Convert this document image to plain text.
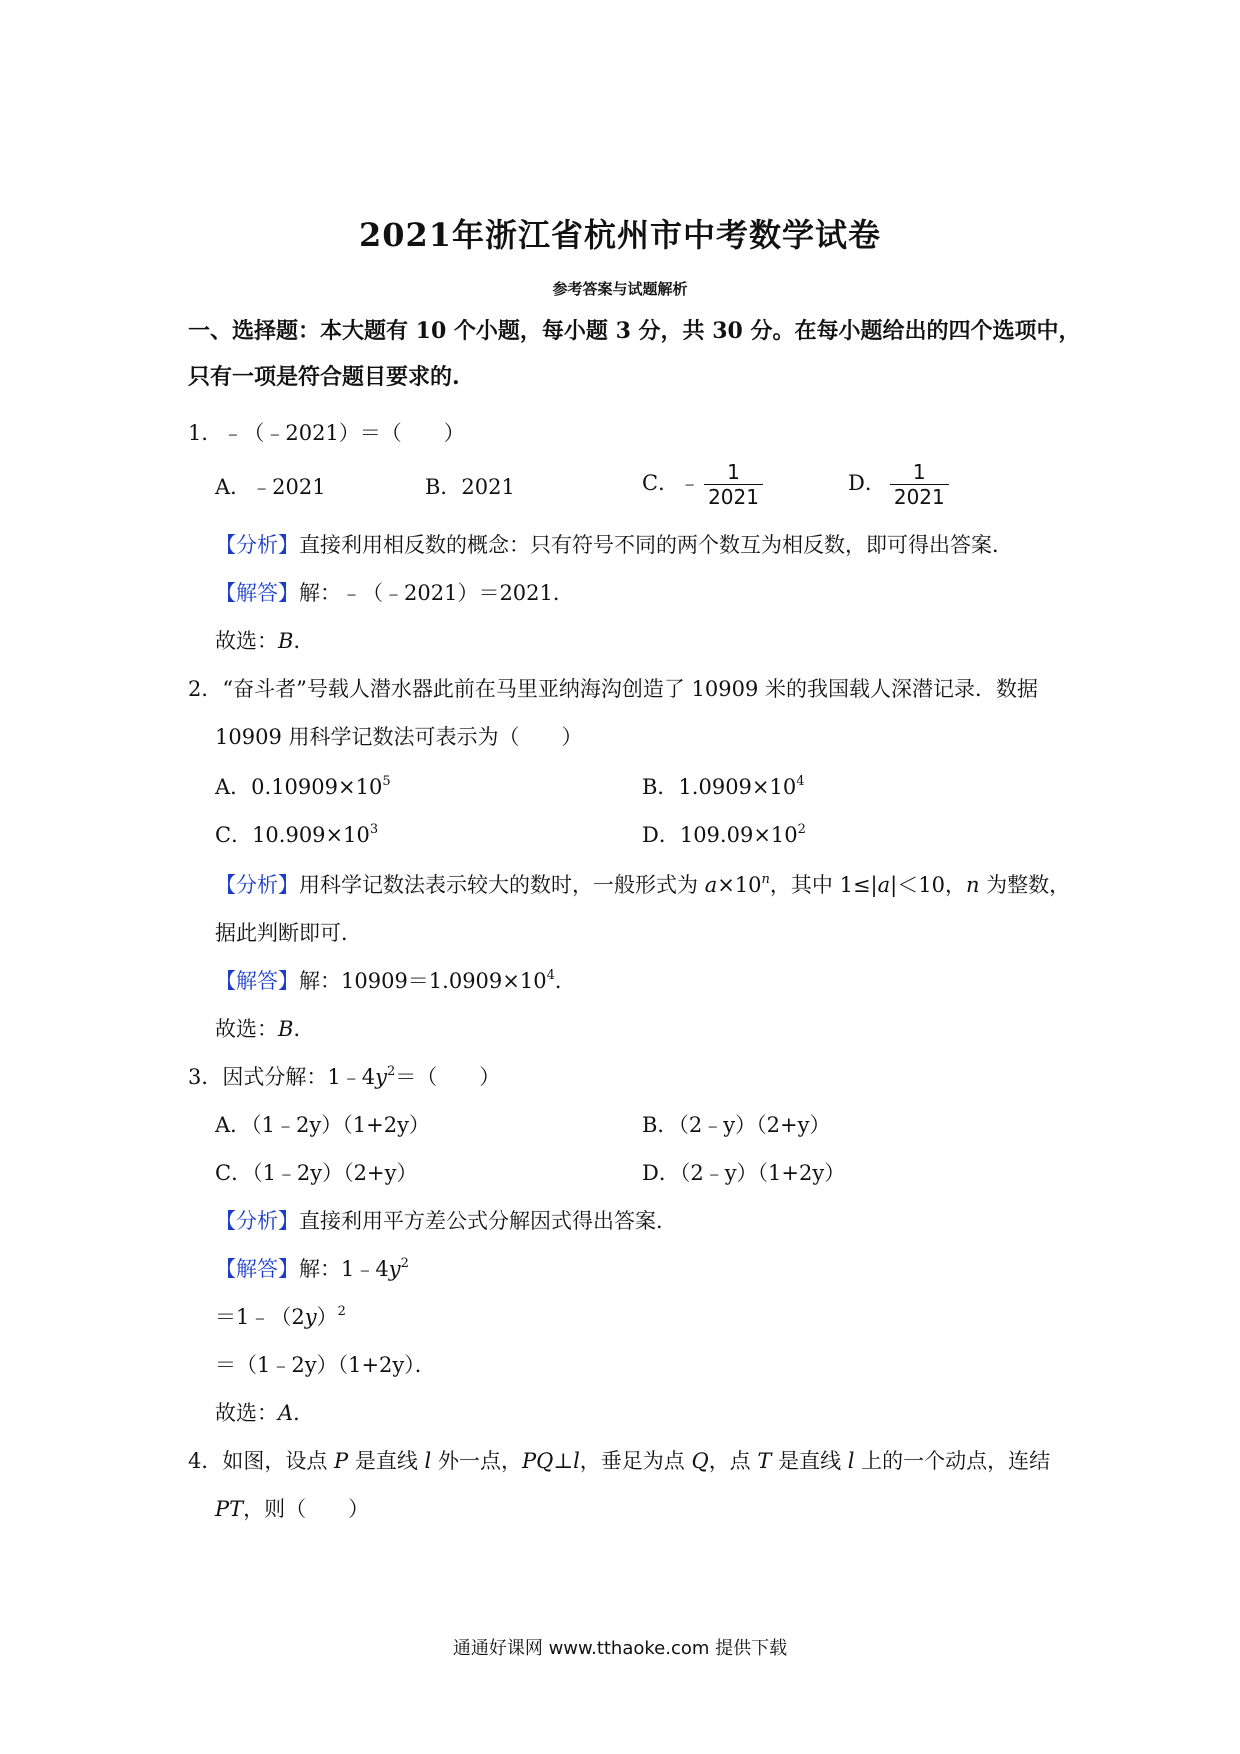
2021年浙江省杭州市中考数学试卷
参考答案与试题解析
一、选择题：本大题有 10 个小题，每小题 3 分，共 30 分。在每小题给出的四个选项中，
只有一项是符合题目要求的.
1．﹣（﹣2021）＝（　　）
A．﹣2021	B．2021	C．﹣ $\frac{1}{2021}$	D． $\frac{1}{2021}$
【分析】直接利用相反数的概念：只有符号不同的两个数互为相反数，即可得出答案．
【解答】解：﹣（﹣2021）＝2021．
故选：B．
2．“奋斗者”号载人潜水器此前在马里亚纳海沟创造了 10909 米的我国载人深潜记录．数据
10909 用科学记数法可表示为（　　）
A．$0.10909\times 10^5$	B．$1.0909\times 10^4$
C．$10.909\times 10^3$	D．$109.09\times 10^2$
【分析】用科学记数法表示较大的数时，一般形式为 $a\times 10^n$，其中 1≤|a|＜10，n 为整数，
据此判断即可．
【解答】解：$10909=1.0909\times 10^4$．
故选：B．
3．因式分解：$1﹣4y^2=$（　　）
A．（1﹣2y）（1+2y）	B．（2﹣y）（2+y）
C．（1﹣2y）（2+y）	D．（2﹣y）（1+2y）
【分析】直接利用平方差公式分解因式得出答案．
【解答】解：$1﹣4y^2$
$=1﹣(2y)^2$
＝（1﹣2y）（1+2y）．
故选：A．
4．如图，设点 P 是直线 l 外一点，PQ⊥l，垂足为点 Q，点 T 是直线 l 上的一个动点，连结
PT，则（　　）
通通好课网 www.tthaoke.com 提供下载
